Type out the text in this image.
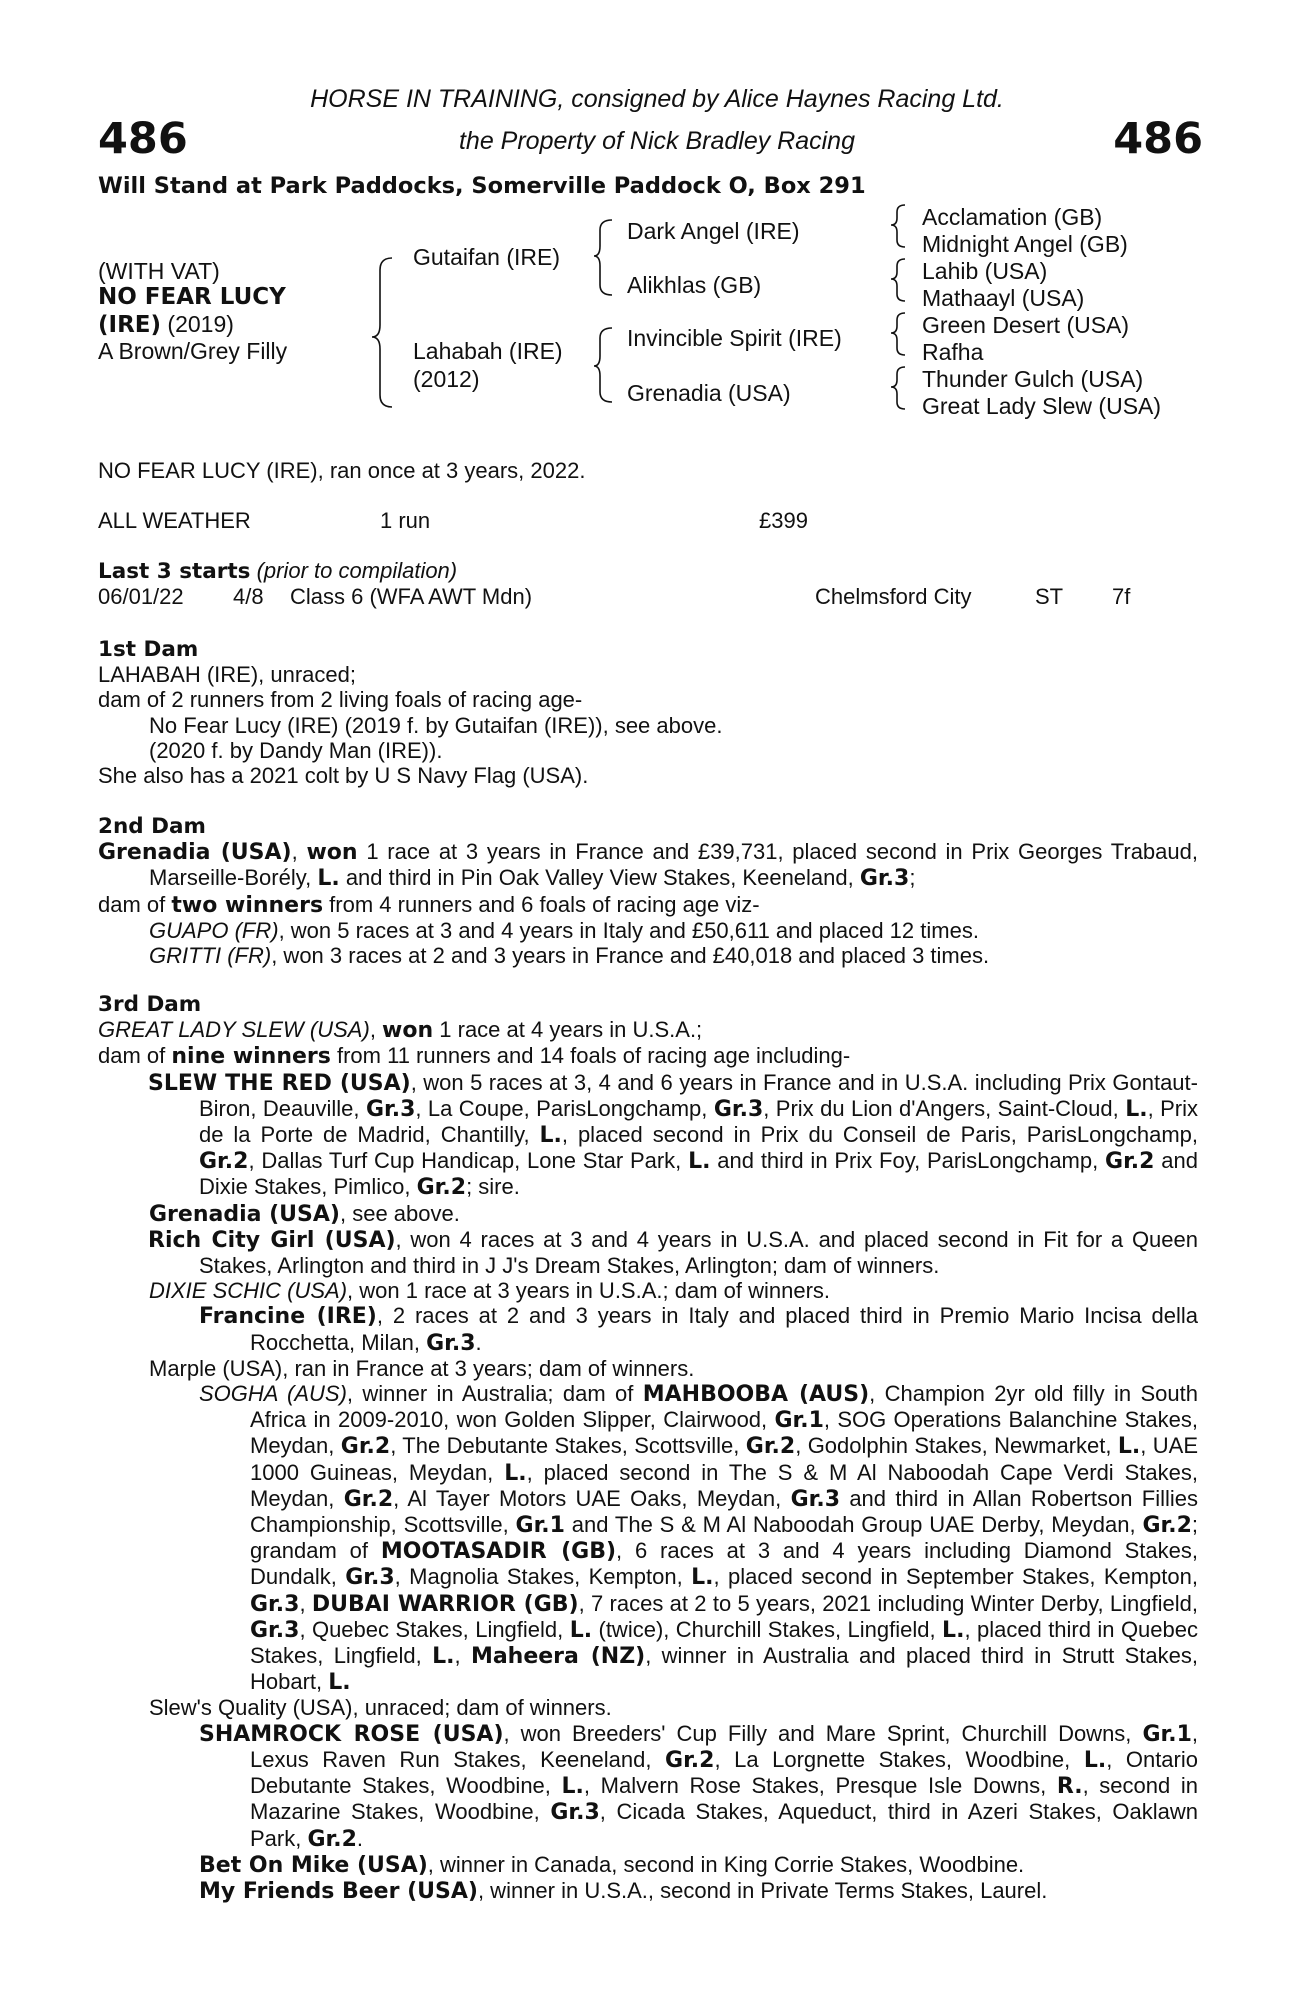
486	486
HORSE IN TRAINING, consigned by Alice Haynes Racing Ltd.
the Property of Nick Bradley Racing
Will Stand at Park Paddocks, Somerville Paddock O, Box 291
(WITH VAT)
NO FEAR LUCY
(IRE) (2019)
A Brown/Grey Filly
Gutaifan (IRE)
Lahabah (IRE)
(2012)
Dark Angel (IRE)
Alikhlas (GB)
Invincible Spirit (IRE)
Grenadia (USA)
Acclamation (GB)
Midnight Angel (GB)
Lahib (USA)
Mathaayl (USA)
Green Desert (USA)
Rafha
Thunder Gulch (USA)
Great Lady Slew (USA)
NO FEAR LUCY (IRE), ran once at 3 years, 2022.
ALL WEATHER	1 run	£399
Last 3 starts (prior to compilation)
06/01/22 4/8 Class 6 (WFA AWT Mdn)	Chelmsford City	ST 7f

1st Dam

LAHABAH (IRE), unraced;

dam of 2 runners from 2 living foals of racing age-

No Fear Lucy (IRE) (2019 f. by Gutaifan (IRE)), see above.

(2020 f. by Dandy Man (IRE)).

She also has a 2021 colt by U S Navy Flag (USA).

2nd Dam

Grenadia (USA), won 1 race at 3 years in France and £39,731, placed second in Prix Georges Trabaud, Marseille-Borély, L. and third in Pin Oak Valley View Stakes, Keeneland, Gr.3;

dam of two winners from 4 runners and 6 foals of racing age viz-

GUAPO (FR), won 5 races at 3 and 4 years in Italy and £50,611 and placed 12 times.

GRITTI (FR), won 3 races at 2 and 3 years in France and £40,018 and placed 3 times.

3rd Dam

GREAT LADY SLEW (USA), won 1 race at 4 years in U.S.A.;

dam of nine winners from 11 runners and 14 foals of racing age including-

SLEW THE RED (USA), won 5 races at 3, 4 and 6 years in France and in U.S.A. including Prix Gontaut-Biron, Deauville, Gr.3, La Coupe, ParisLongchamp, Gr.3, Prix du Lion d'Angers, Saint-Cloud, L., Prix de la Porte de Madrid, Chantilly, L., placed second in Prix du Conseil de Paris, ParisLongchamp, Gr.2, Dallas Turf Cup Handicap, Lone Star Park, L. and third in Prix Foy, ParisLongchamp, Gr.2 and Dixie Stakes, Pimlico, Gr.2; sire.

Grenadia (USA), see above.

Rich City Girl (USA), won 4 races at 3 and 4 years in U.S.A. and placed second in Fit for a Queen Stakes, Arlington and third in J J's Dream Stakes, Arlington; dam of winners.

DIXIE SCHIC (USA), won 1 race at 3 years in U.S.A.; dam of winners.

Francine (IRE), 2 races at 2 and 3 years in Italy and placed third in Premio Mario Incisa della Rocchetta, Milan, Gr.3.

Marple (USA), ran in France at 3 years; dam of winners.

SOGHA (AUS), winner in Australia; dam of MAHBOOBA (AUS), Champion 2yr old filly in South Africa in 2009-2010, won Golden Slipper, Clairwood, Gr.1, SOG Operations Balanchine Stakes, Meydan, Gr.2, The Debutante Stakes, Scottsville, Gr.2, Godolphin Stakes, Newmarket, L., UAE 1000 Guineas, Meydan, L., placed second in The S & M Al Naboodah Cape Verdi Stakes, Meydan, Gr.2, Al Tayer Motors UAE Oaks, Meydan, Gr.3 and third in Allan Robertson Fillies Championship, Scottsville, Gr.1 and The S & M Al Naboodah Group UAE Derby, Meydan, Gr.2; grandam of MOOTASADIR (GB), 6 races at 3 and 4 years including Diamond Stakes, Dundalk, Gr.3, Magnolia Stakes, Kempton, L., placed second in September Stakes, Kempton, Gr.3, DUBAI WARRIOR (GB), 7 races at 2 to 5 years, 2021 including Winter Derby, Lingfield, Gr.3, Quebec Stakes, Lingfield, L. (twice), Churchill Stakes, Lingfield, L., placed third in Quebec Stakes, Lingfield, L., Maheera (NZ), winner in Australia and placed third in Strutt Stakes, Hobart, L.

Slew's Quality (USA), unraced; dam of winners.

SHAMROCK ROSE (USA), won Breeders' Cup Filly and Mare Sprint, Churchill Downs, Gr.1, Lexus Raven Run Stakes, Keeneland, Gr.2, La Lorgnette Stakes, Woodbine, L., Ontario Debutante Stakes, Woodbine, L., Malvern Rose Stakes, Presque Isle Downs, R., second in Mazarine Stakes, Woodbine, Gr.3, Cicada Stakes, Aqueduct, third in Azeri Stakes, Oaklawn Park, Gr.2.

Bet On Mike (USA), winner in Canada, second in King Corrie Stakes, Woodbine.

My Friends Beer (USA), winner in U.S.A., second in Private Terms Stakes, Laurel.
